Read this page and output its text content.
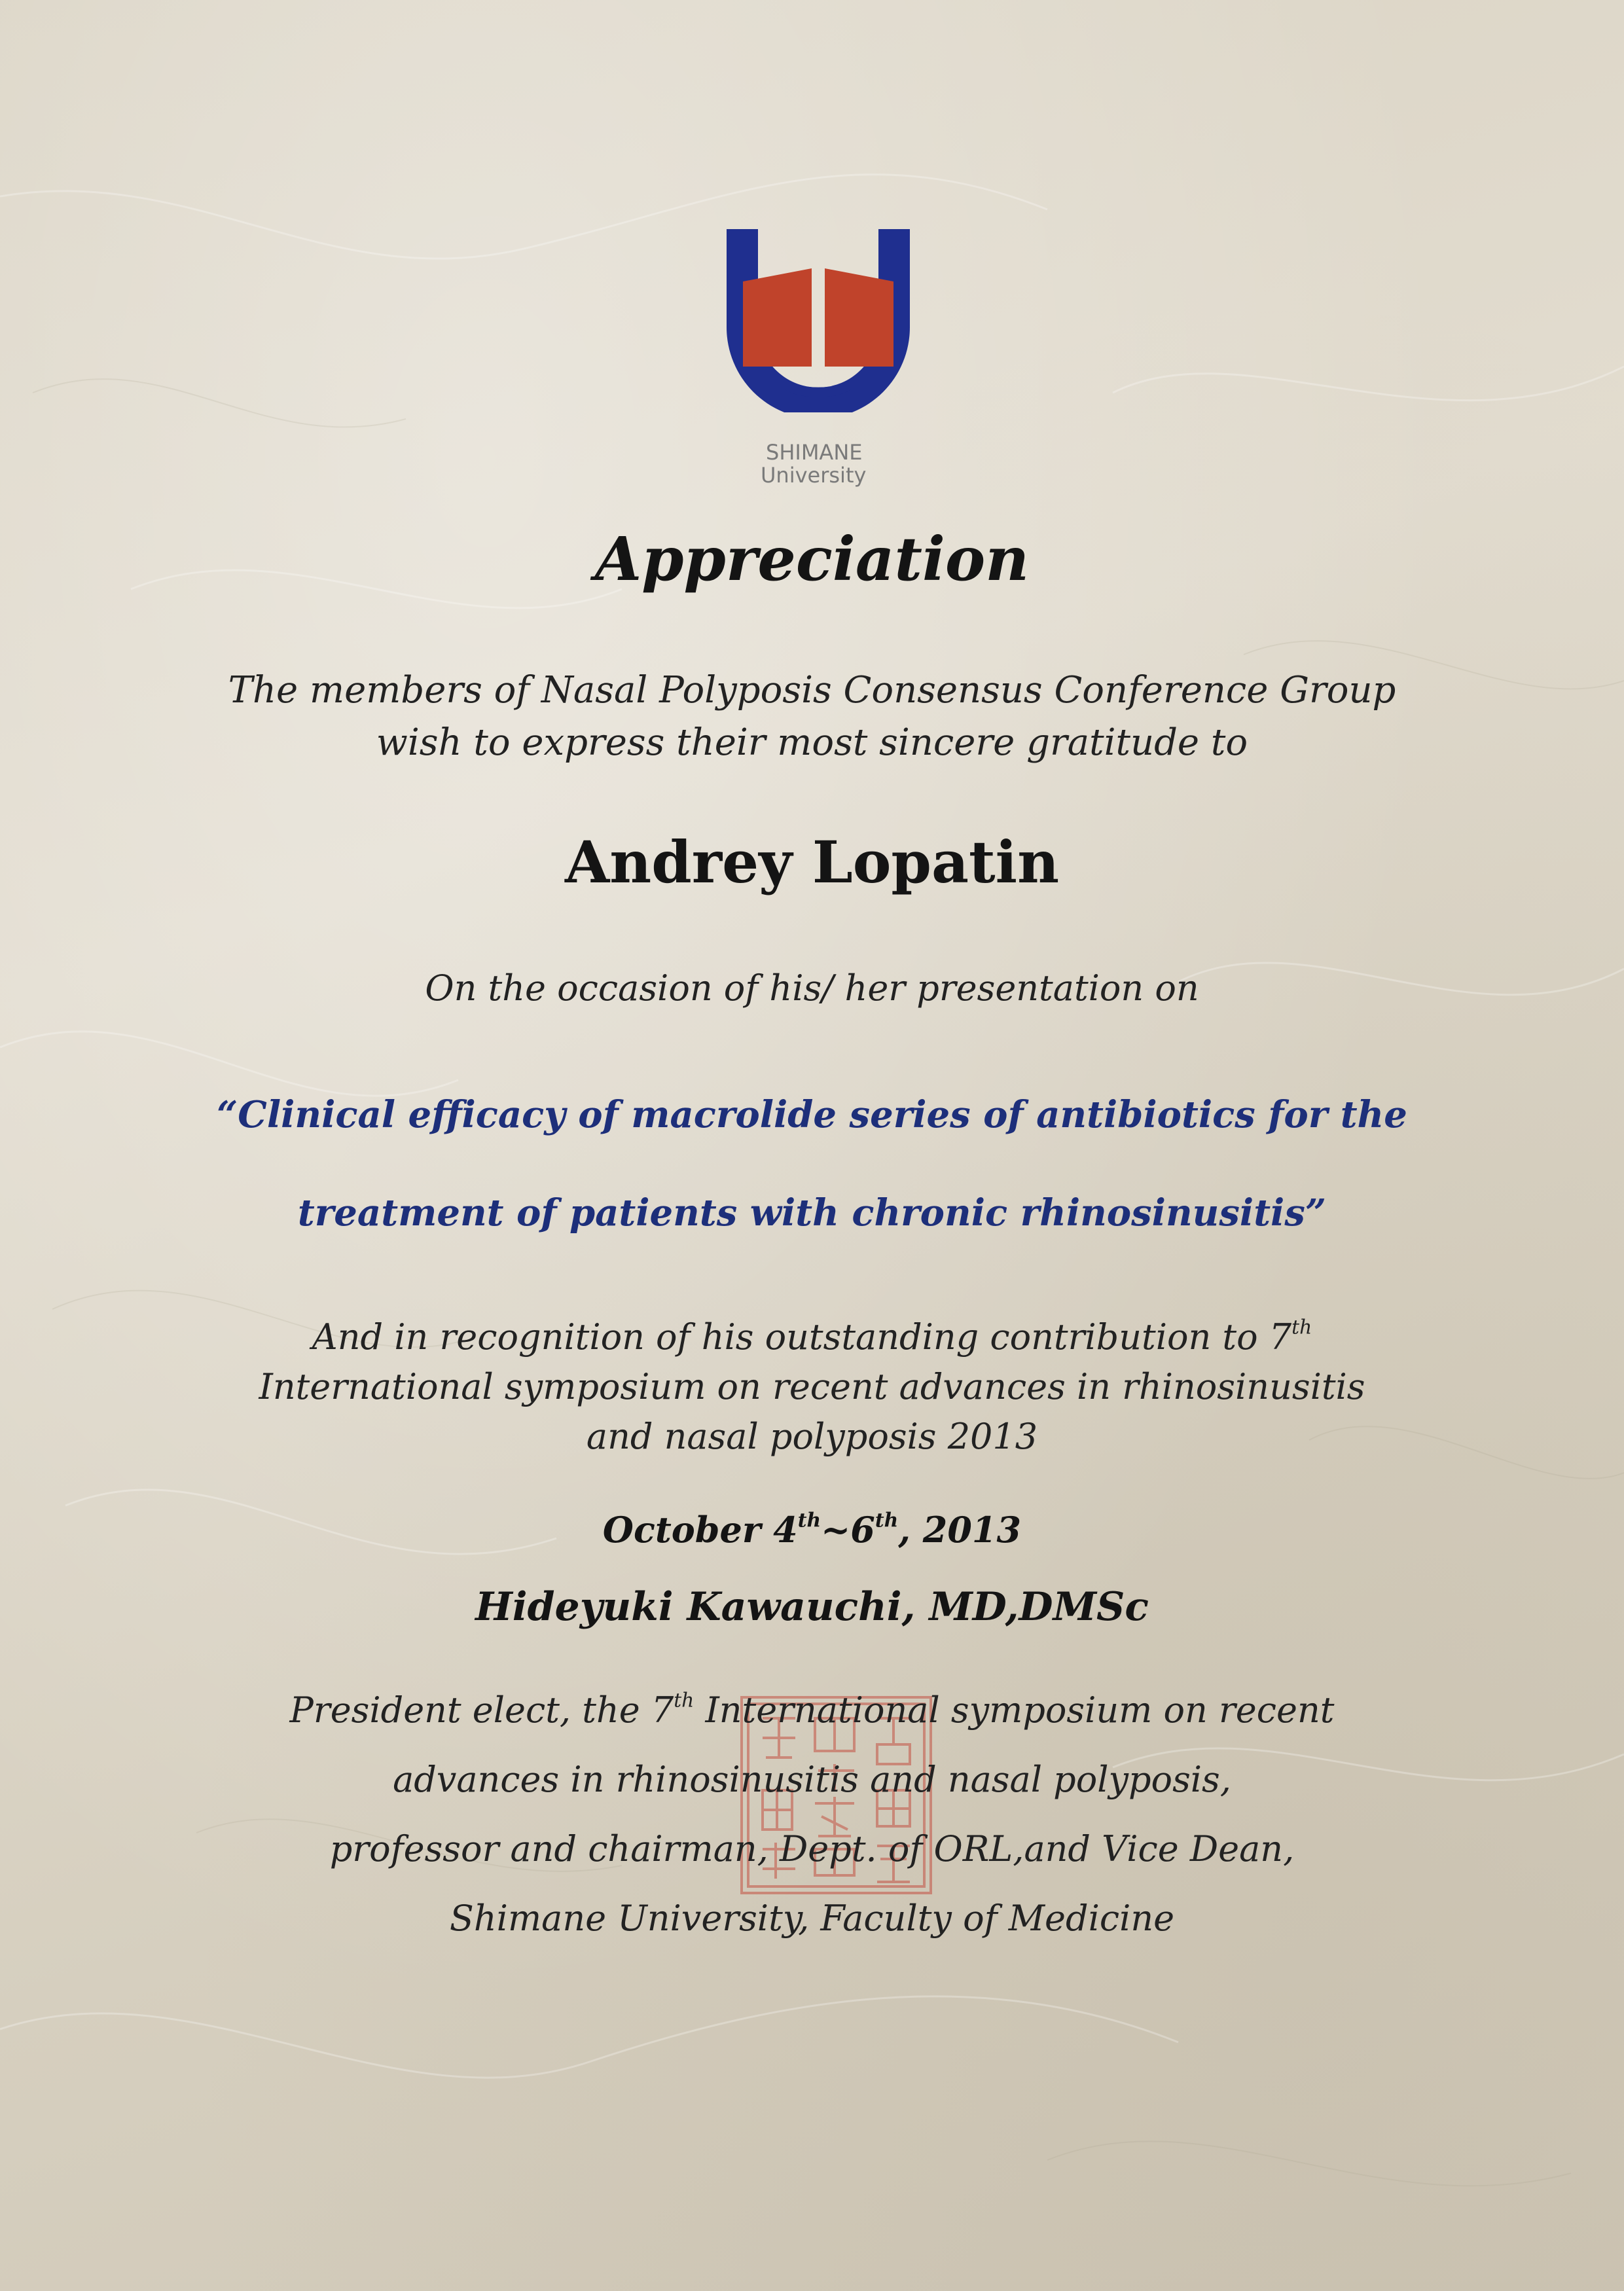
SHIMANE
University
Appreciation
The members of Nasal Polyposis Consensus Conference Group
wish to express their most sincere gratitude to
Andrey Lopatin
On the occasion of his/ her presentation on
“Clinical efficacy of macrolide series of antibiotics for the
treatment of patients with chronic rhinosinusitis”
And in recognition of his outstanding contribution to 7th
International symposium on recent advances in rhinosinusitis
and nasal polyposis 2013
October 4th~6th, 2013
Hideyuki Kawauchi, MD,DMSc
President elect, the 7th International symposium on recent
advances in rhinosinusitis and nasal polyposis,
professor and chairman, Dept. of ORL,and Vice Dean,
Shimane University, Faculty of Medicine
